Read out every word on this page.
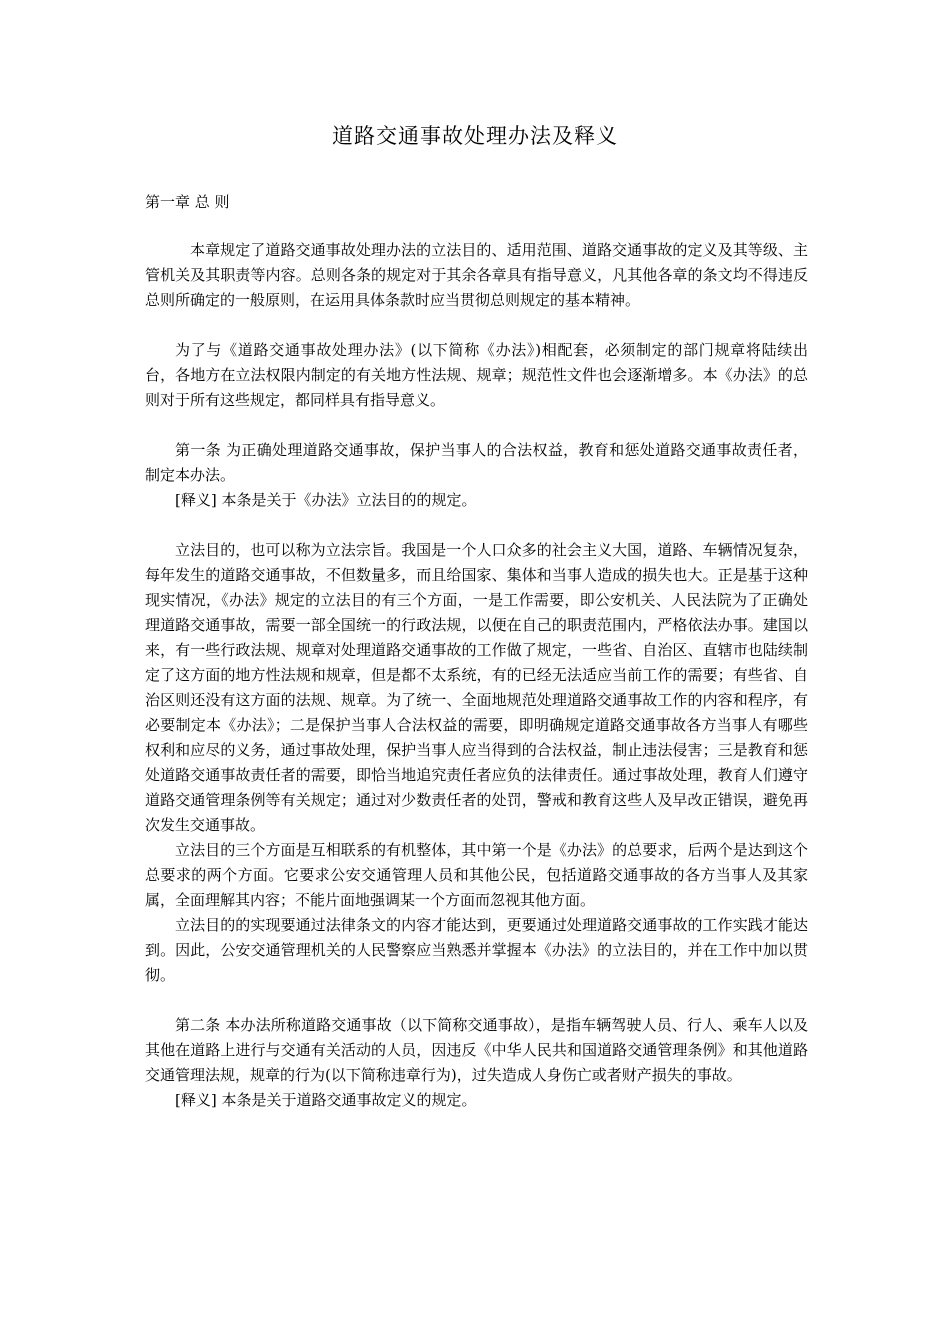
道路交通事故处理办法及释义
第一章 总 则

本章规定了道路交通事故处理办法的立法目的、适用范围、道路交通事故的定义及其等级、主管机关及其职责等内容。总则各条的规定对于其余各章具有指导意义，凡其他各章的条文均不得违反总则所确定的一般原则，在运用具体条款时应当贯彻总则规定的基本精神。

为了与《道路交通事故处理办法》(以下简称《办法》)相配套，必须制定的部门规章将陆续出台，各地方在立法权限内制定的有关地方性法规、规章；规范性文件也会逐渐增多。本《办法》的总则对于所有这些规定，都同样具有指导意义。

第一条 为正确处理道路交通事故，保护当事人的合法权益，教育和惩处道路交通事故责任者，制定本办法。

[释义] 本条是关于《办法》立法目的的规定。

立法目的，也可以称为立法宗旨。我国是一个人口众多的社会主义大国，道路、车辆情况复杂，每年发生的道路交通事故，不但数量多，而且给国家、集体和当事人造成的损失也大。正是基于这种现实情况，《办法》规定的立法目的有三个方面，一是工作需要，即公安机关、人民法院为了正确处理道路交通事故，需要一部全国统一的行政法规，以便在自己的职责范围内，严格依法办事。建国以来，有一些行政法规、规章对处理道路交通事故的工作做了规定，一些省、自治区、直辖市也陆续制定了这方面的地方性法规和规章，但是都不太系统，有的已经无法适应当前工作的需要；有些省、自治区则还没有这方面的法规、规章。为了统一、全面地规范处理道路交通事故工作的内容和程序，有必要制定本《办法》；二是保护当事人合法权益的需要，即明确规定道路交通事故各方当事人有哪些权利和应尽的义务，通过事故处理，保护当事人应当得到的合法权益，制止违法侵害；三是教育和惩处道路交通事故责任者的需要，即恰当地追究责任者应负的法律责任。通过事故处理，教育人们遵守道路交通管理条例等有关规定；通过对少数责任者的处罚，警戒和教育这些人及早改正错误，避免再次发生交通事故。

立法目的三个方面是互相联系的有机整体，其中第一个是《办法》的总要求，后两个是达到这个总要求的两个方面。它要求公安交通管理人员和其他公民，包括道路交通事故的各方当事人及其家属，全面理解其内容；不能片面地强调某一个方面而忽视其他方面。

立法目的的实现要通过法律条文的内容才能达到，更要通过处理道路交通事故的工作实践才能达到。因此，公安交通管理机关的人民警察应当熟悉并掌握本《办法》的立法目的，并在工作中加以贯彻。

第二条 本办法所称道路交通事故（以下简称交通事故），是指车辆驾驶人员、行人、乘车人以及其他在道路上进行与交通有关活动的人员，因违反《中华人民共和国道路交通管理条例》和其他道路交通管理法规，规章的行为(以下简称违章行为)，过失造成人身伤亡或者财产损失的事故。

[释义] 本条是关于道路交通事故定义的规定。
